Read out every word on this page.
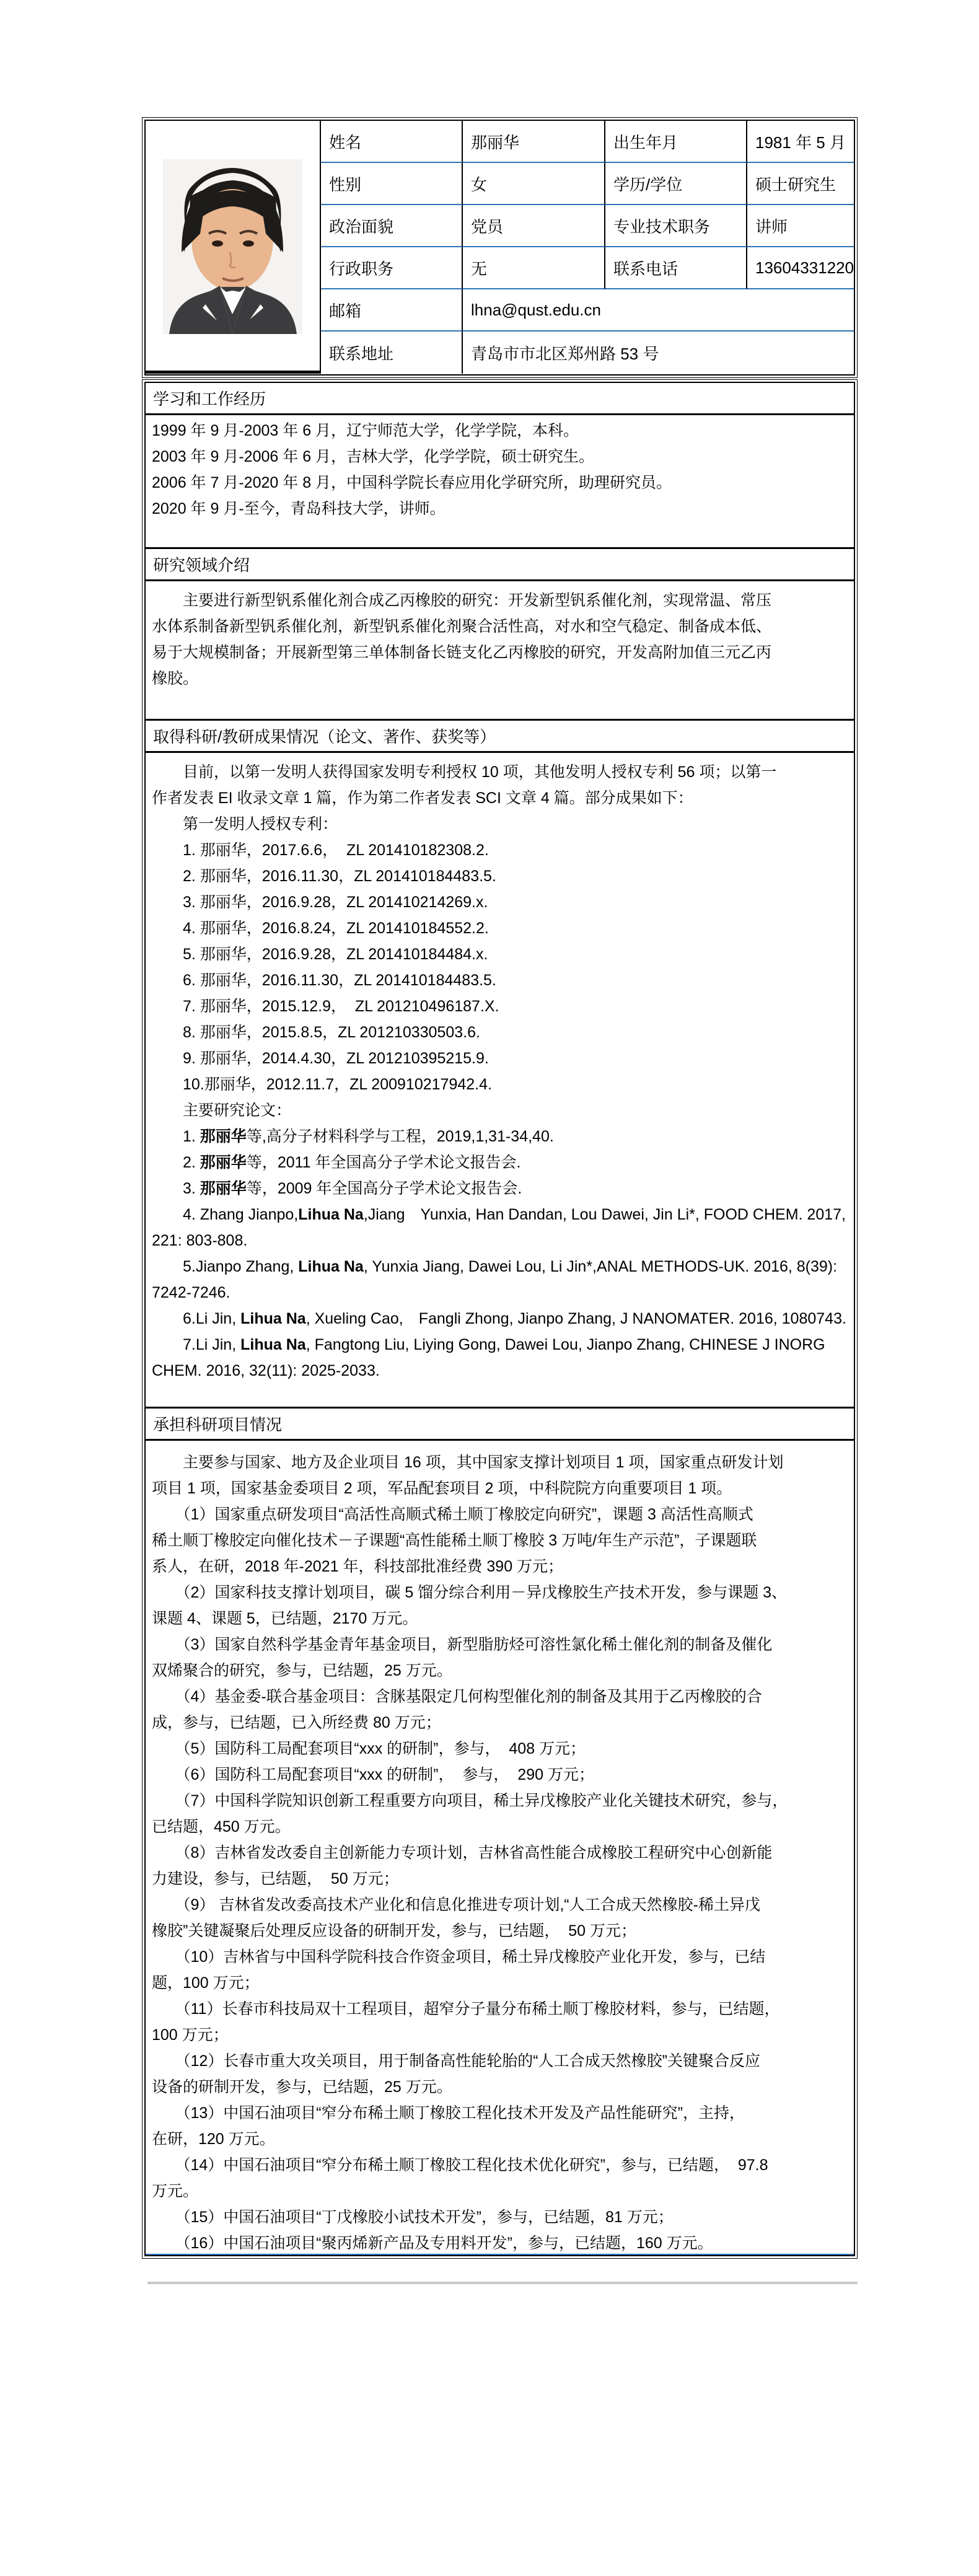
姓名	那丽华	出生年月	1981 年 5 月
性别	女	学历/学位	硕士研究生
政治面貌	党员	专业技术职务	讲师
行政职务	无	联系电话	13604331220
邮箱	lhna@qust.edu.cn
联系地址	青岛市市北区郑州路 53 号
学习和工作经历
1999 年 9 月-2003 年 6 月，辽宁师范大学，化学学院，本科。
2003 年 9 月-2006 年 6 月，吉林大学，化学学院，硕士研究生。
2006 年 7 月-2020 年 8 月，中国科学院长春应用化学研究所，助理研究员。
2020 年 9 月-至今，青岛科技大学，讲师。
研究领域介绍
　　主要进行新型钒系催化剂合成乙丙橡胶的研究：开发新型钒系催化剂，实现常温、常压
水体系制备新型钒系催化剂，新型钒系催化剂聚合活性高，对水和空气稳定、制备成本低、
易于大规模制备；开展新型第三单体制备长链支化乙丙橡胶的研究，开发高附加值三元乙丙
橡胶。
取得科研/教研成果情况（论文、著作、获奖等）
　　目前，以第一发明人获得国家发明专利授权 10 项，其他发明人授权专利 56 项；以第一
作者发表 EI 收录文章 1 篇，作为第二作者发表 SCI 文章 4 篇。部分成果如下：
　　第一发明人授权专利：
　　1. 那丽华，2017.6.6，  ZL 201410182308.2.
　　2. 那丽华，2016.11.30，ZL 201410184483.5.
　　3. 那丽华，2016.9.28，ZL 201410214269.x.
　　4. 那丽华，2016.8.24，ZL 201410184552.2.
　　5. 那丽华，2016.9.28，ZL 201410184484.x.
　　6. 那丽华，2016.11.30，ZL 201410184483.5.
　　7. 那丽华，2015.12.9，  ZL 201210496187.X.
　　8. 那丽华，2015.8.5，ZL 201210330503.6.
　　9. 那丽华，2014.4.30，ZL 201210395215.9.
　　10.那丽华，2012.11.7，ZL 200910217942.4.
　　主要研究论文：
　　1. 那丽华等,高分子材料科学与工程，2019,1,31-34,40.
　　2. 那丽华等，2011 年全国高分子学术论文报告会.
　　3. 那丽华等，2009 年全国高分子学术论文报告会.
　　4. Zhang Jianpo,Lihua Na,Jiang　Yunxia, Han Dandan, Lou Dawei, Jin Li*, FOOD CHEM. 2017,
221: 803-808.
　　5.Jianpo Zhang, Lihua Na, Yunxia Jiang, Dawei Lou, Li Jin*,ANAL METHODS-UK. 2016, 8(39):
7242-7246.
　　6.Li Jin, Lihua Na, Xueling Cao,　Fangli Zhong, Jianpo Zhang, J NANOMATER. 2016, 1080743.
　　7.Li Jin, Lihua Na, Fangtong Liu, Liying Gong, Dawei Lou, Jianpo Zhang, CHINESE J INORG
CHEM. 2016, 32(11): 2025-2033.
承担科研项目情况
　　主要参与国家、地方及企业项目 16 项，其中国家支撑计划项目 1 项，国家重点研发计划
项目 1 项，国家基金委项目 2 项，军品配套项目 2 项，中科院院方向重要项目 1 项。
　　（1）国家重点研发项目“高活性高顺式稀土顺丁橡胶定向研究”，课题 3 高活性高顺式
稀土顺丁橡胶定向催化技术－子课题“高性能稀土顺丁橡胶 3 万吨/年生产示范”，子课题联
系人，在研，2018 年-2021 年，科技部批准经费 390 万元；
　　（2）国家科技支撑计划项目，碳 5 馏分综合利用－异戊橡胶生产技术开发，参与课题 3、
课题 4、课题 5，已结题，2170 万元。
　　（3）国家自然科学基金青年基金项目，新型脂肪烃可溶性氯化稀土催化剂的制备及催化
双烯聚合的研究，参与，已结题，25 万元。
　　（4）基金委-联合基金项目：含脒基限定几何构型催化剂的制备及其用于乙丙橡胶的合
成，参与，已结题，已入所经费 80 万元；
　　（5）国防科工局配套项目“xxx 的研制”，参与，  408 万元；
　　（6）国防科工局配套项目“xxx 的研制”，  参与，  290 万元；
　　（7）中国科学院知识创新工程重要方向项目，稀土异戊橡胶产业化关键技术研究，参与，
已结题，450 万元。
　　（8）吉林省发改委自主创新能力专项计划，吉林省高性能合成橡胶工程研究中心创新能
力建设，参与，已结题，  50 万元；
　　（9） 吉林省发改委高技术产业化和信息化推进专项计划,“人工合成天然橡胶-稀土异戊
橡胶”关键凝聚后处理反应设备的研制开发，参与，已结题，  50 万元；
　　（10）吉林省与中国科学院科技合作资金项目，稀土异戊橡胶产业化开发，参与，已结
题，100 万元；
　　（11）长春市科技局双十工程项目，超窄分子量分布稀土顺丁橡胶材料，参与，已结题，
100 万元；
　　（12）长春市重大攻关项目，用于制备高性能轮胎的“人工合成天然橡胶”关键聚合反应
设备的研制开发，参与，已结题，25 万元。
　　（13）中国石油项目“窄分布稀土顺丁橡胶工程化技术开发及产品性能研究”，主持，
在研，120 万元。
　　（14）中国石油项目“窄分布稀土顺丁橡胶工程化技术优化研究”，参与，已结题，  97.8
万元。
　　（15）中国石油项目“丁戊橡胶小试技术开发”，参与，已结题，81 万元；
　　（16）中国石油项目“聚丙烯新产品及专用料开发”，参与，已结题，160 万元。
